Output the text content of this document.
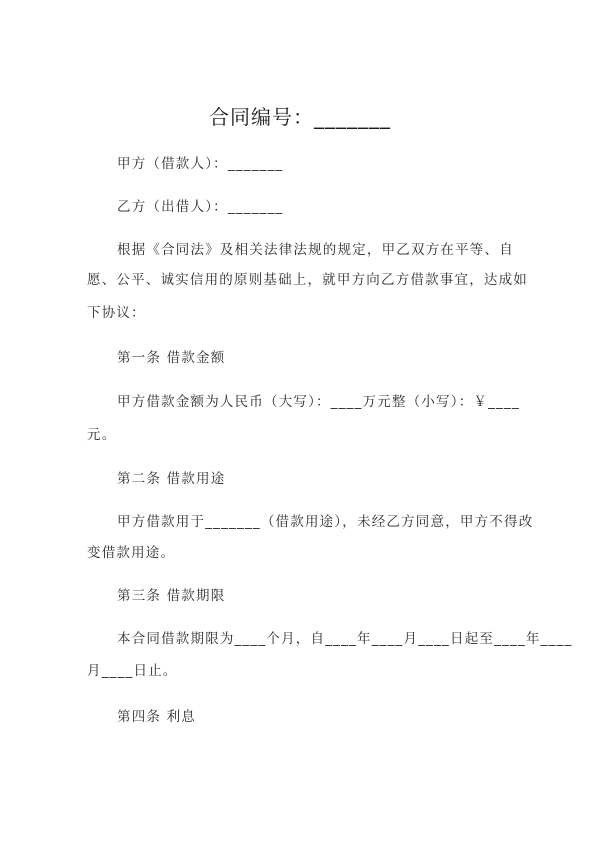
合同编号：_______
甲方（借款人）：_______
乙方（出借人）：_______
根据《合同法》及相关法律法规的规定，甲乙双方在平等、自
愿、公平、诚实信用的原则基础上，就甲方向乙方借款事宜，达成如
下协议：
第一条 借款金额
甲方借款金额为人民币（大写）：____万元整（小写）：￥____
元。
第二条 借款用途
甲方借款用于_______（借款用途），未经乙方同意，甲方不得改
变借款用途。
第三条 借款期限
本合同借款期限为____个月，自____年____月____日起至____年____
月____日止。
第四条 利息
